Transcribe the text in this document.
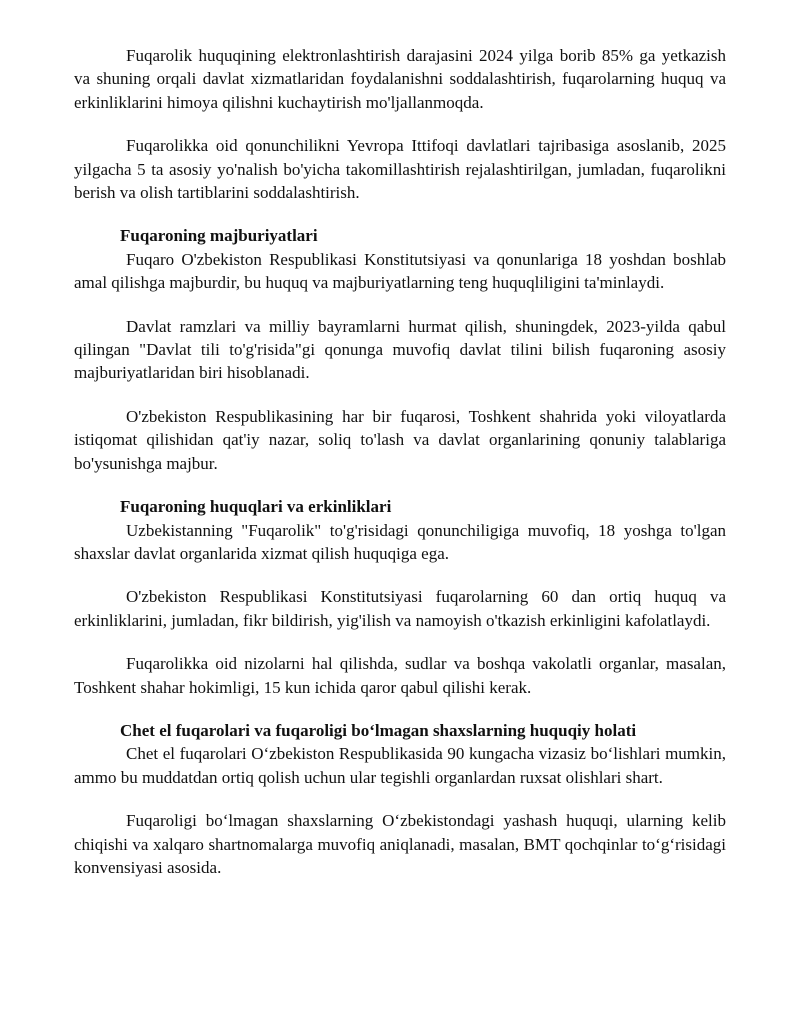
Fuqarolik huquqining elektronlashtirish darajasini 2024 yilga borib 85% ga yetkazish va shuning orqali davlat xizmatlaridan foydalanishni soddalashtirish, fuqarolarning huquq va erkinliklarini himoya qilishni kuchaytirish mo'ljallanmoqda.

Fuqarolikka oid qonunchilikni Yevropa Ittifoqi davlatlari tajribasiga asoslanib, 2025 yilgacha 5 ta asosiy yo'nalish bo'yicha takomillashtirish rejalashtirilgan, jumladan, fuqarolikni berish va olish tartiblarini soddalashtirish.

Fuqaroning majburiyatlari

Fuqaro O'zbekiston Respublikasi Konstitutsiyasi va qonunlariga 18 yoshdan boshlab amal qilishga majburdir, bu huquq va majburiyatlarning teng huquqliligini ta'minlaydi.

Davlat ramzlari va milliy bayramlarni hurmat qilish, shuningdek, 2023-yilda qabul qilingan "Davlat tili to'g'risida"gi qonunga muvofiq davlat tilini bilish fuqaroning asosiy majburiyatlaridan biri hisoblanadi.

O'zbekiston Respublikasining har bir fuqarosi, Toshkent shahrida yoki viloyatlarda istiqomat qilishidan qat'iy nazar, soliq to'lash va davlat organlarining qonuniy talablariga bo'ysunishga majbur.

Fuqaroning huquqlari va erkinliklari

Uzbekistanning "Fuqarolik" to'g'risidagi qonunchiligiga muvofiq, 18 yoshga to'lgan shaxslar davlat organlarida xizmat qilish huquqiga ega.

O'zbekiston Respublikasi Konstitutsiyasi fuqarolarning 60 dan ortiq huquq va erkinliklarini, jumladan, fikr bildirish, yig'ilish va namoyish o'tkazish erkinligini kafolatlaydi.

Fuqarolikka oid nizolarni hal qilishda, sudlar va boshqa vakolatli organlar, masalan, Toshkent shahar hokimligi, 15 kun ichida qaror qabul qilishi kerak.

Chet el fuqarolari va fuqaroligi boʻlmagan shaxslarning huquqiy holati

Chet el fuqarolari Oʻzbekiston Respublikasida 90 kungacha vizasiz boʻlishlari mumkin, ammo bu muddatdan ortiq qolish uchun ular tegishli organlardan ruxsat olishlari shart.

Fuqaroligi boʻlmagan shaxslarning Oʻzbekistondagi yashash huquqi, ularning kelib chiqishi va xalqaro shartnomalarga muvofiq aniqlanadi, masalan, BMT qochqinlar toʻgʻrisidagi konvensiyasi asosida.
